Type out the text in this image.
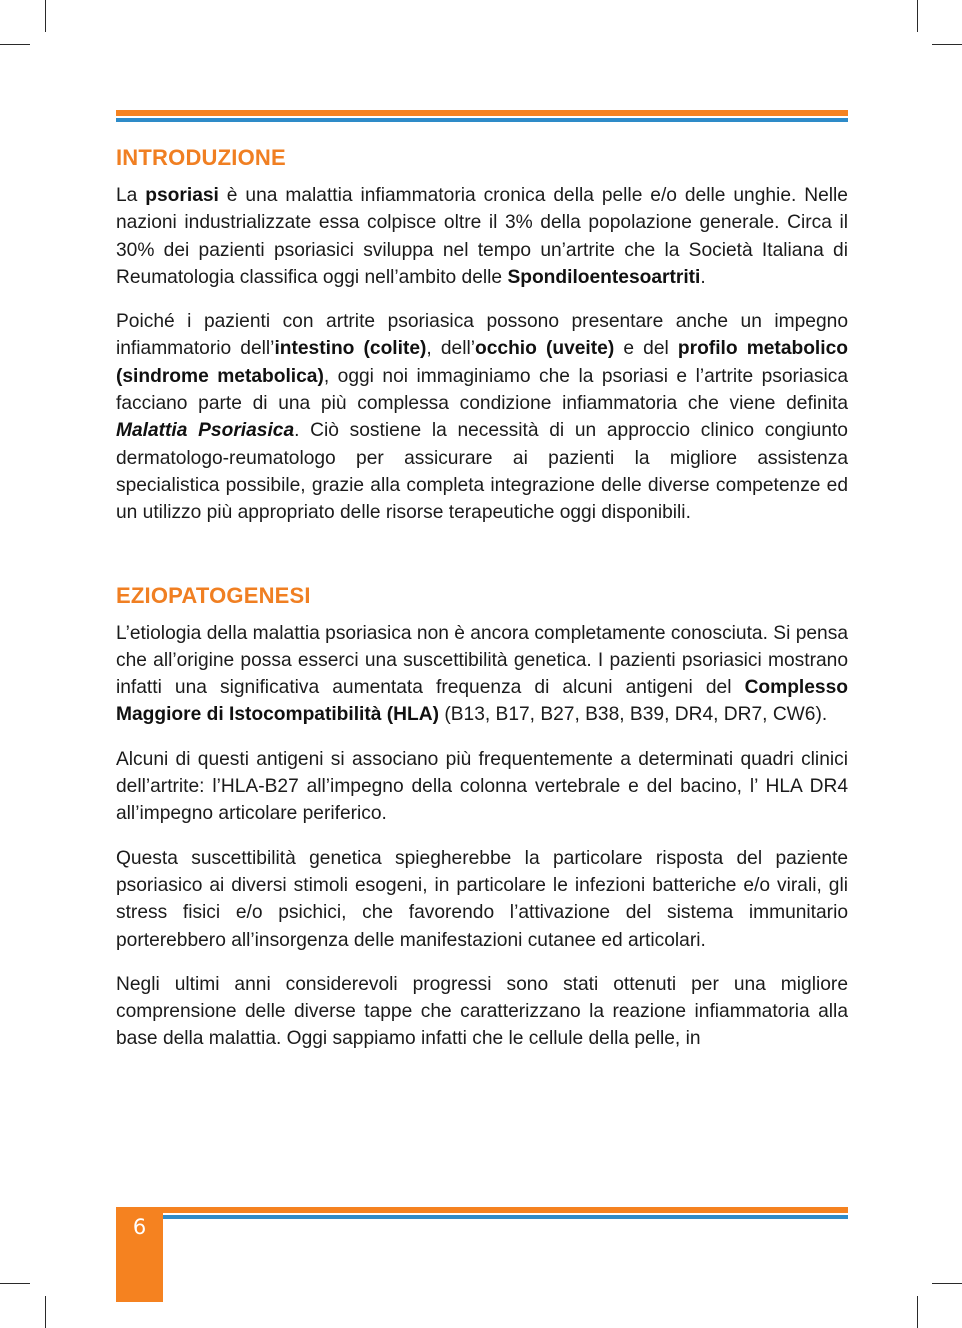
INTRODUZIONE

La psoriasi è una malattia infiammatoria cronica della pelle e/o delle unghie. Nelle nazioni industrializzate essa colpisce oltre il 3% della popolazione generale. Circa il 30% dei pazienti psoriasici sviluppa nel tempo un’artrite che la Società Italiana di Reumatologia classifica oggi nell’ambito delle Spondiloentesoartriti.

Poiché i pazienti con artrite psoriasica possono presentare anche un impegno infiammatorio dell’intestino (colite), dell’occhio (uveite) e del profilo metabolico (sindrome metabolica), oggi noi immaginiamo che la psoriasi e l’artrite psoriasica facciano parte di una più complessa condizione infiammatoria che viene definita Malattia Psoriasica. Ciò sostiene la necessità di un approccio clinico congiunto dermatologo-reumatologo per assicurare ai pazienti la migliore assistenza specialistica possibile, grazie alla completa integrazione delle diverse competenze ed un utilizzo più appropriato delle risorse terapeutiche oggi disponibili.

EZIOPATOGENESI

L’etiologia della malattia psoriasica non è ancora completamente conosciuta. Si pensa che all’origine possa esserci una suscettibilità genetica. I pazienti psoriasici mostrano infatti una significativa aumentata frequenza di alcuni antigeni del Complesso Maggiore di Istocompatibilità (HLA) (B13, B17, B27, B38, B39, DR4, DR7, CW6).

Alcuni di questi antigeni si associano più frequentemente a determinati quadri clinici dell’artrite: l’HLA-B27 all’impegno della colonna vertebrale e del bacino, l’ HLA DR4 all’impegno articolare periferico.

Questa suscettibilità genetica spiegherebbe la particolare risposta del paziente psoriasico ai diversi stimoli esogeni, in particolare le infezioni batteriche e/o virali, gli stress fisici e/o psichici, che favorendo l’attivazione del sistema immunitario porterebbero all’insorgenza delle manifestazioni cutanee ed articolari.

Negli ultimi anni considerevoli progressi sono stati ottenuti per una migliore comprensione delle diverse tappe che caratterizzano la reazione infiammatoria alla base della malattia. Oggi sappiamo infatti che le cellule della pelle, in

6
